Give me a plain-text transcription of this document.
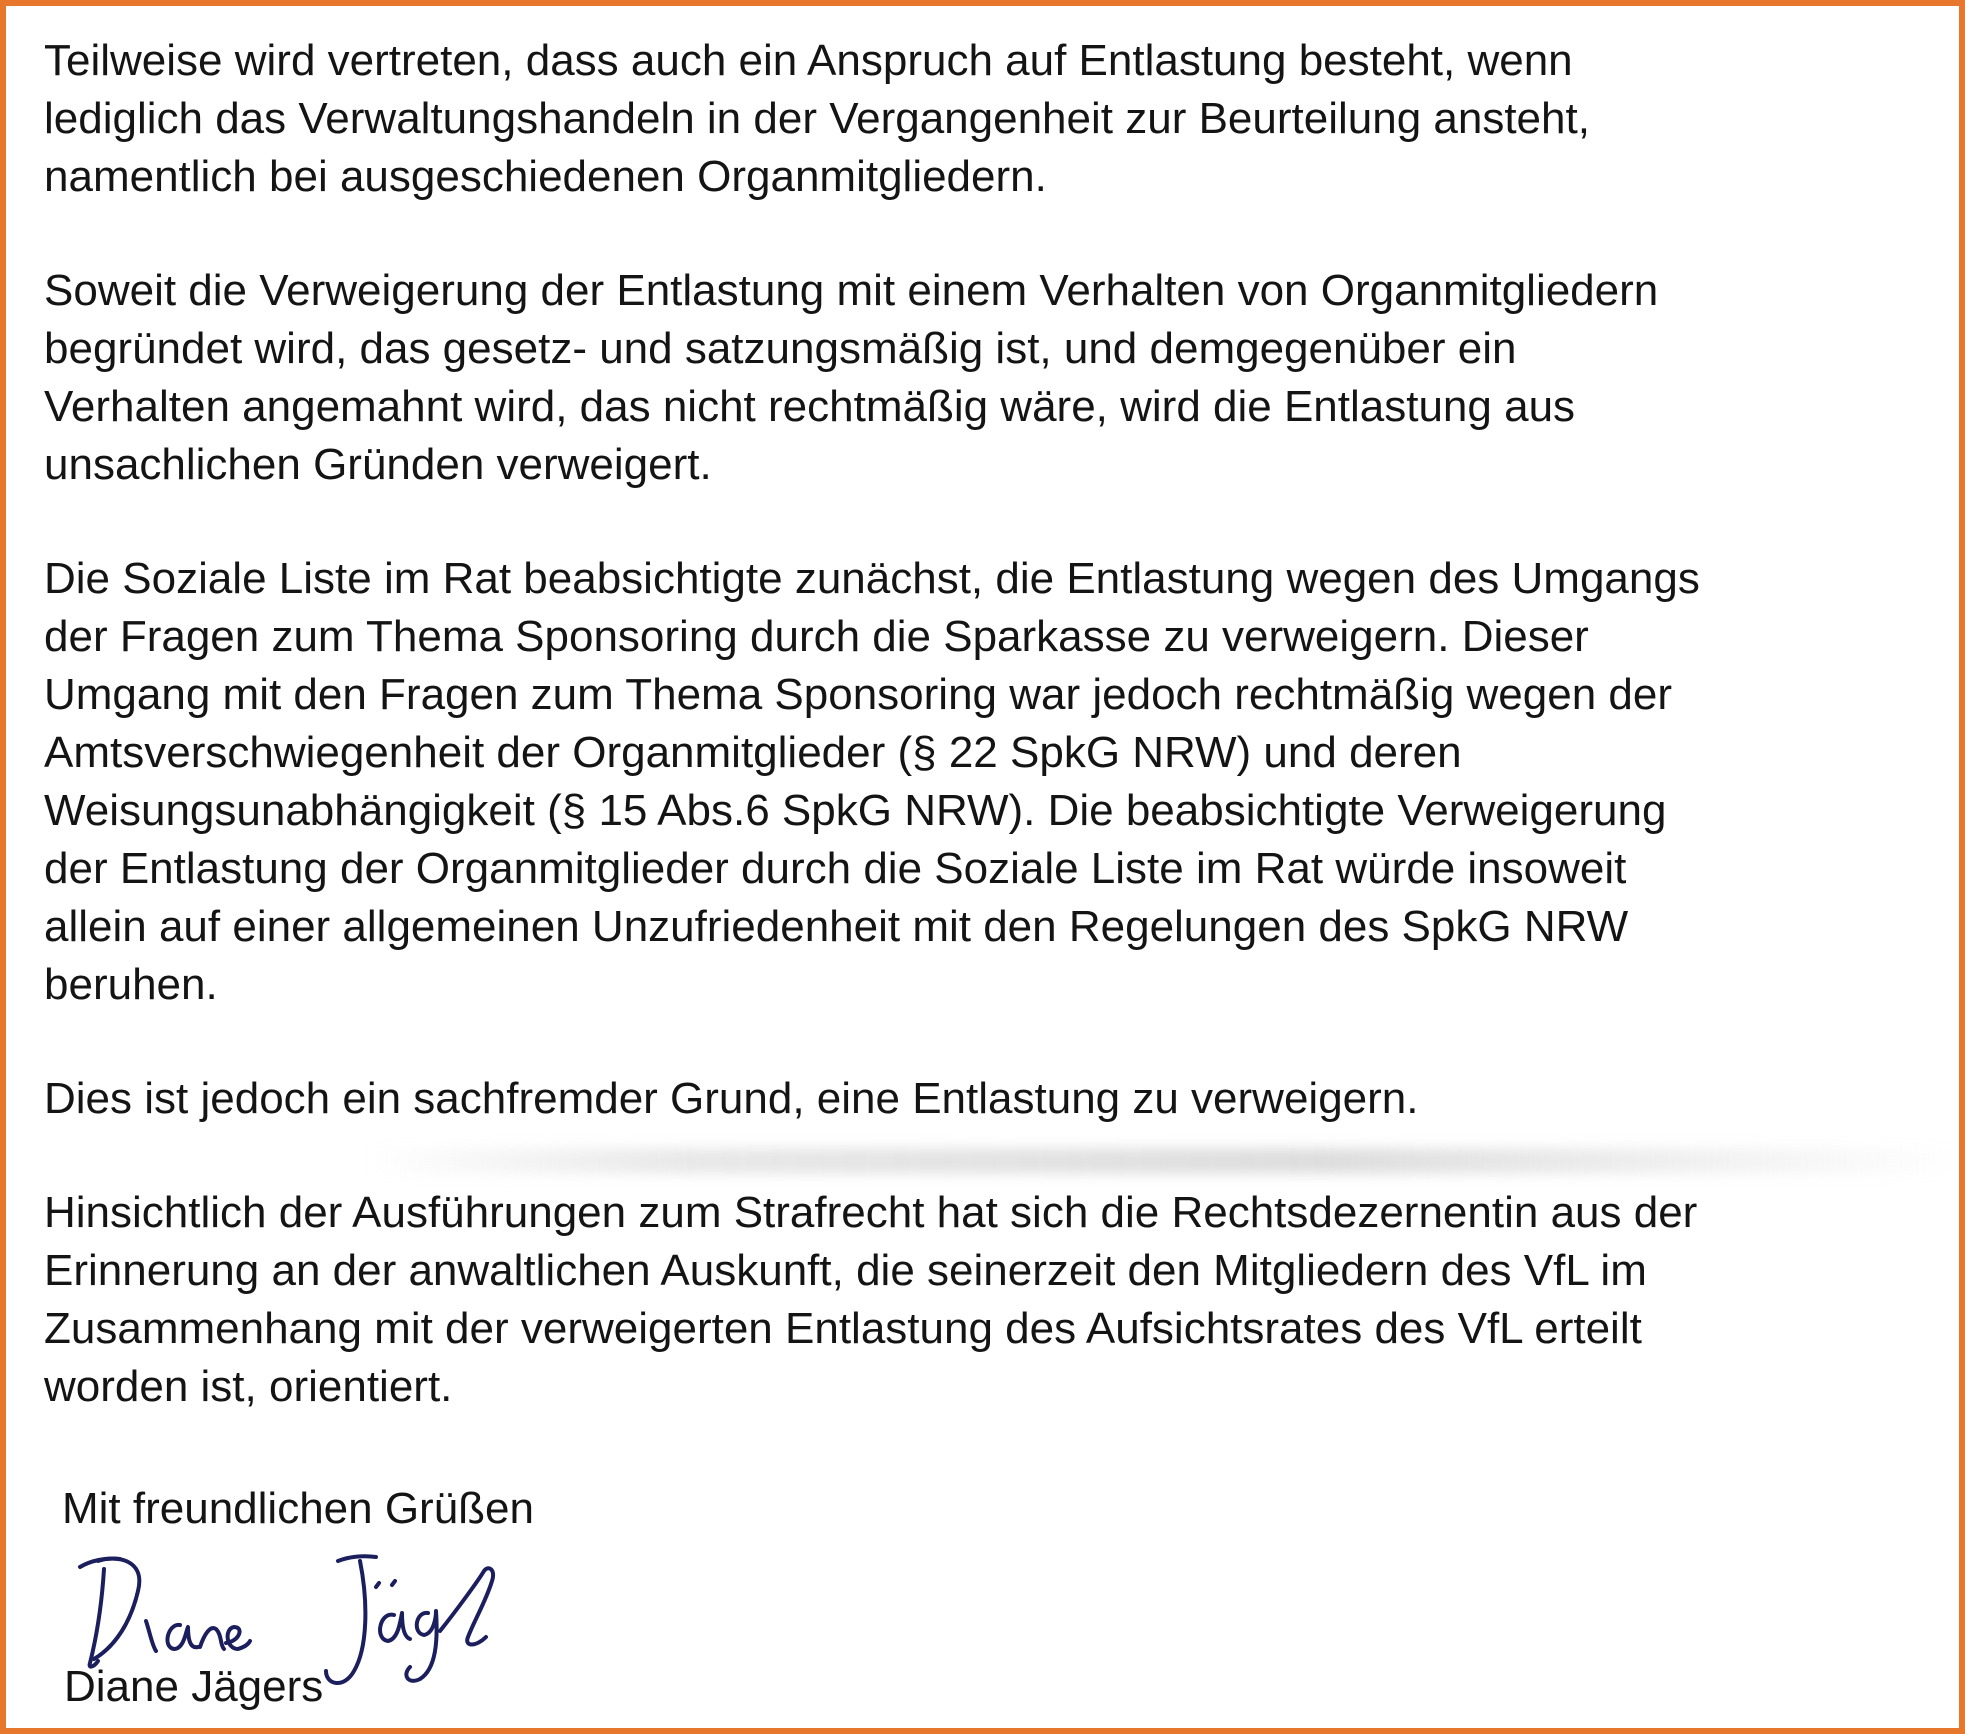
Teilweise wird vertreten, dass auch ein Anspruch auf Entlastung besteht, wenn
lediglich das Verwaltungshandeln in der Vergangenheit zur Beurteilung ansteht,
namentlich bei ausgeschiedenen Organmitgliedern.

Soweit die Verweigerung der Entlastung mit einem Verhalten von Organmitgliedern
begründet wird, das gesetz- und satzungsmäßig ist, und demgegenüber ein
Verhalten angemahnt wird, das nicht rechtmäßig wäre, wird die Entlastung aus
unsachlichen Gründen verweigert.

Die Soziale Liste im Rat beabsichtigte zunächst, die Entlastung wegen des Umgangs
der Fragen zum Thema Sponsoring durch die Sparkasse zu verweigern. Dieser
Umgang mit den Fragen zum Thema Sponsoring war jedoch rechtmäßig wegen der
Amtsverschwiegenheit der Organmitglieder (§ 22 SpkG NRW) und deren
Weisungsunabhängigkeit (§ 15 Abs.6 SpkG NRW). Die beabsichtigte Verweigerung
der Entlastung der Organmitglieder durch die Soziale Liste im Rat würde insoweit
allein auf einer allgemeinen Unzufriedenheit mit den Regelungen des SpkG NRW
beruhen.

Dies ist jedoch ein sachfremder Grund, eine Entlastung zu verweigern.

Hinsichtlich der Ausführungen zum Strafrecht hat sich die Rechtsdezernentin aus der
Erinnerung an der anwaltlichen Auskunft, die seinerzeit den Mitgliedern des VfL im
Zusammenhang mit der verweigerten Entlastung des Aufsichtsrates des VfL erteilt
worden ist, orientiert.

Mit freundlichen Grüßen
Diane Jägers
